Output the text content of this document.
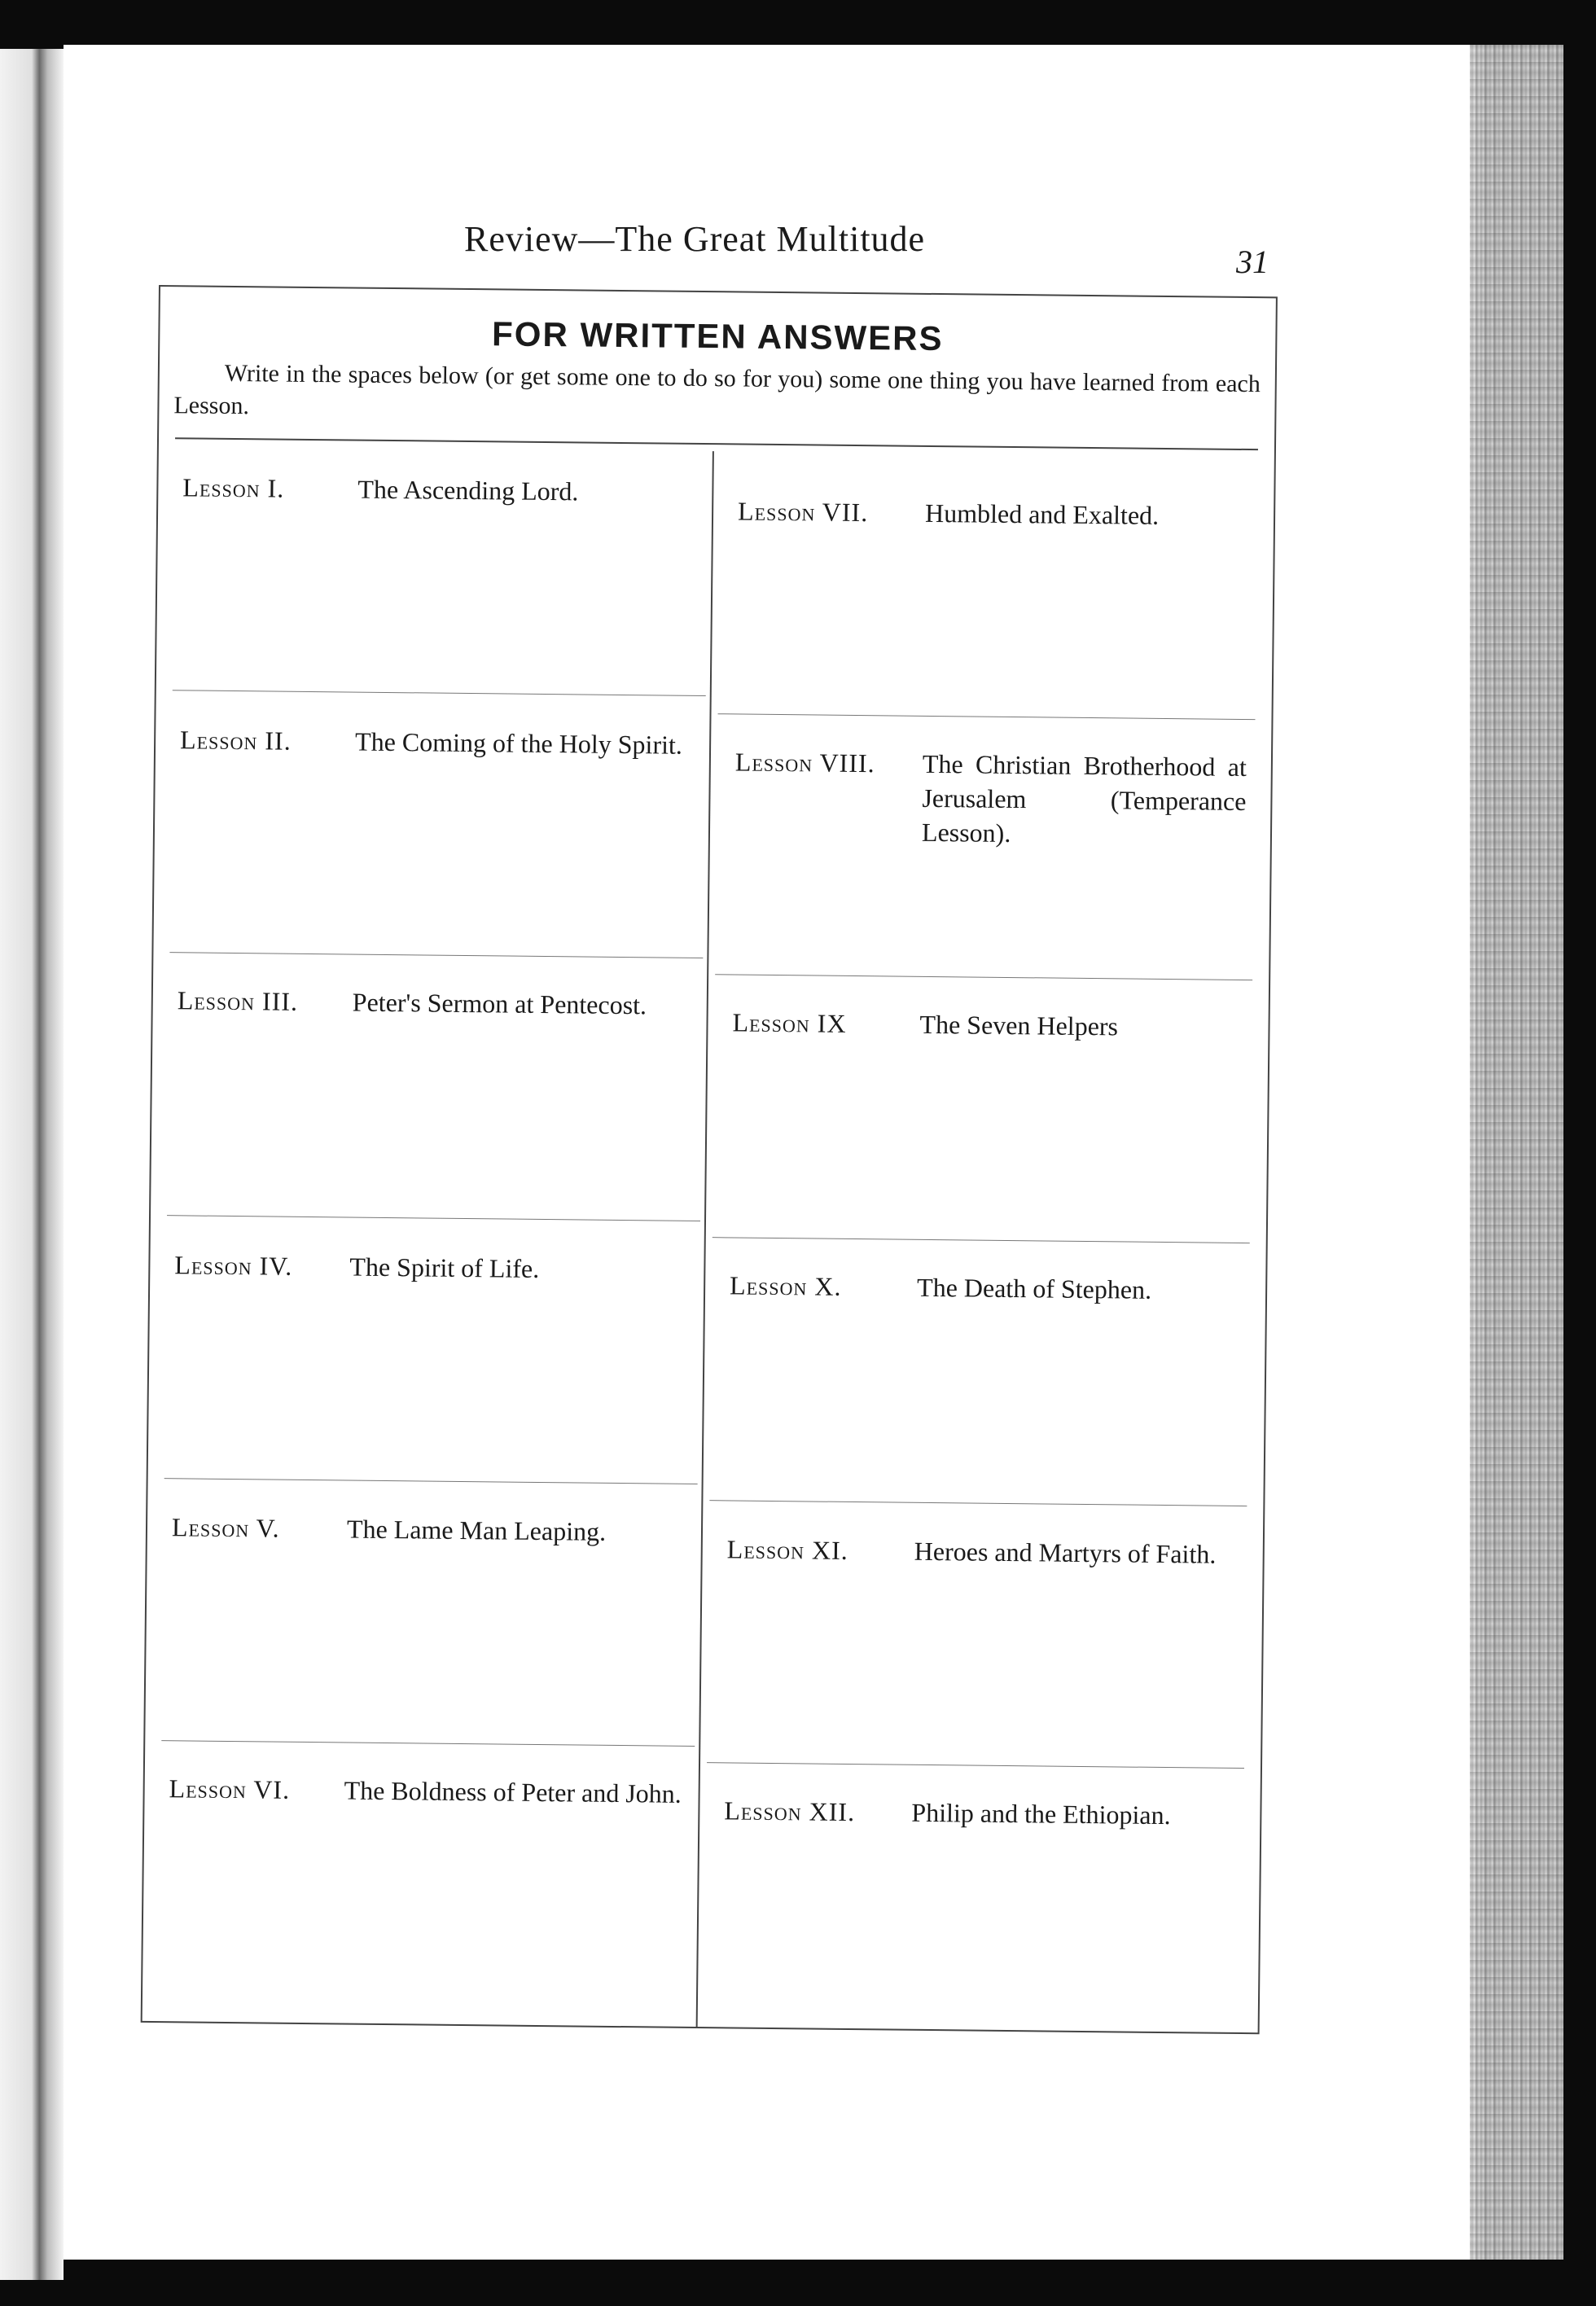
Review—The Great Multitude
31
FOR WRITTEN ANSWERS
Write in the spaces below (or get some one to do so for you) some one thing you have learned from each Lesson.
Lesson I.	The Ascending Lord.
Lesson VII. Humbled and Exalted.
Lesson II. The Coming of the Holy Spirit.
Lesson VIII. The Christian Brotherhood at Jerusalem (Temperance Lesson).
Lesson III. Peter's Sermon at Pentecost.
Lesson IX	The Seven Helpers
Lesson IV. The Spirit of Life.
Lesson X.	The Death of Stephen.
Lesson V.	The Lame Man Leaping.
Lesson XI.	Heroes and Martyrs of Faith.
Lesson VI. The Boldness of Peter and John.
Lesson XII. Philip and the Ethiopian.
